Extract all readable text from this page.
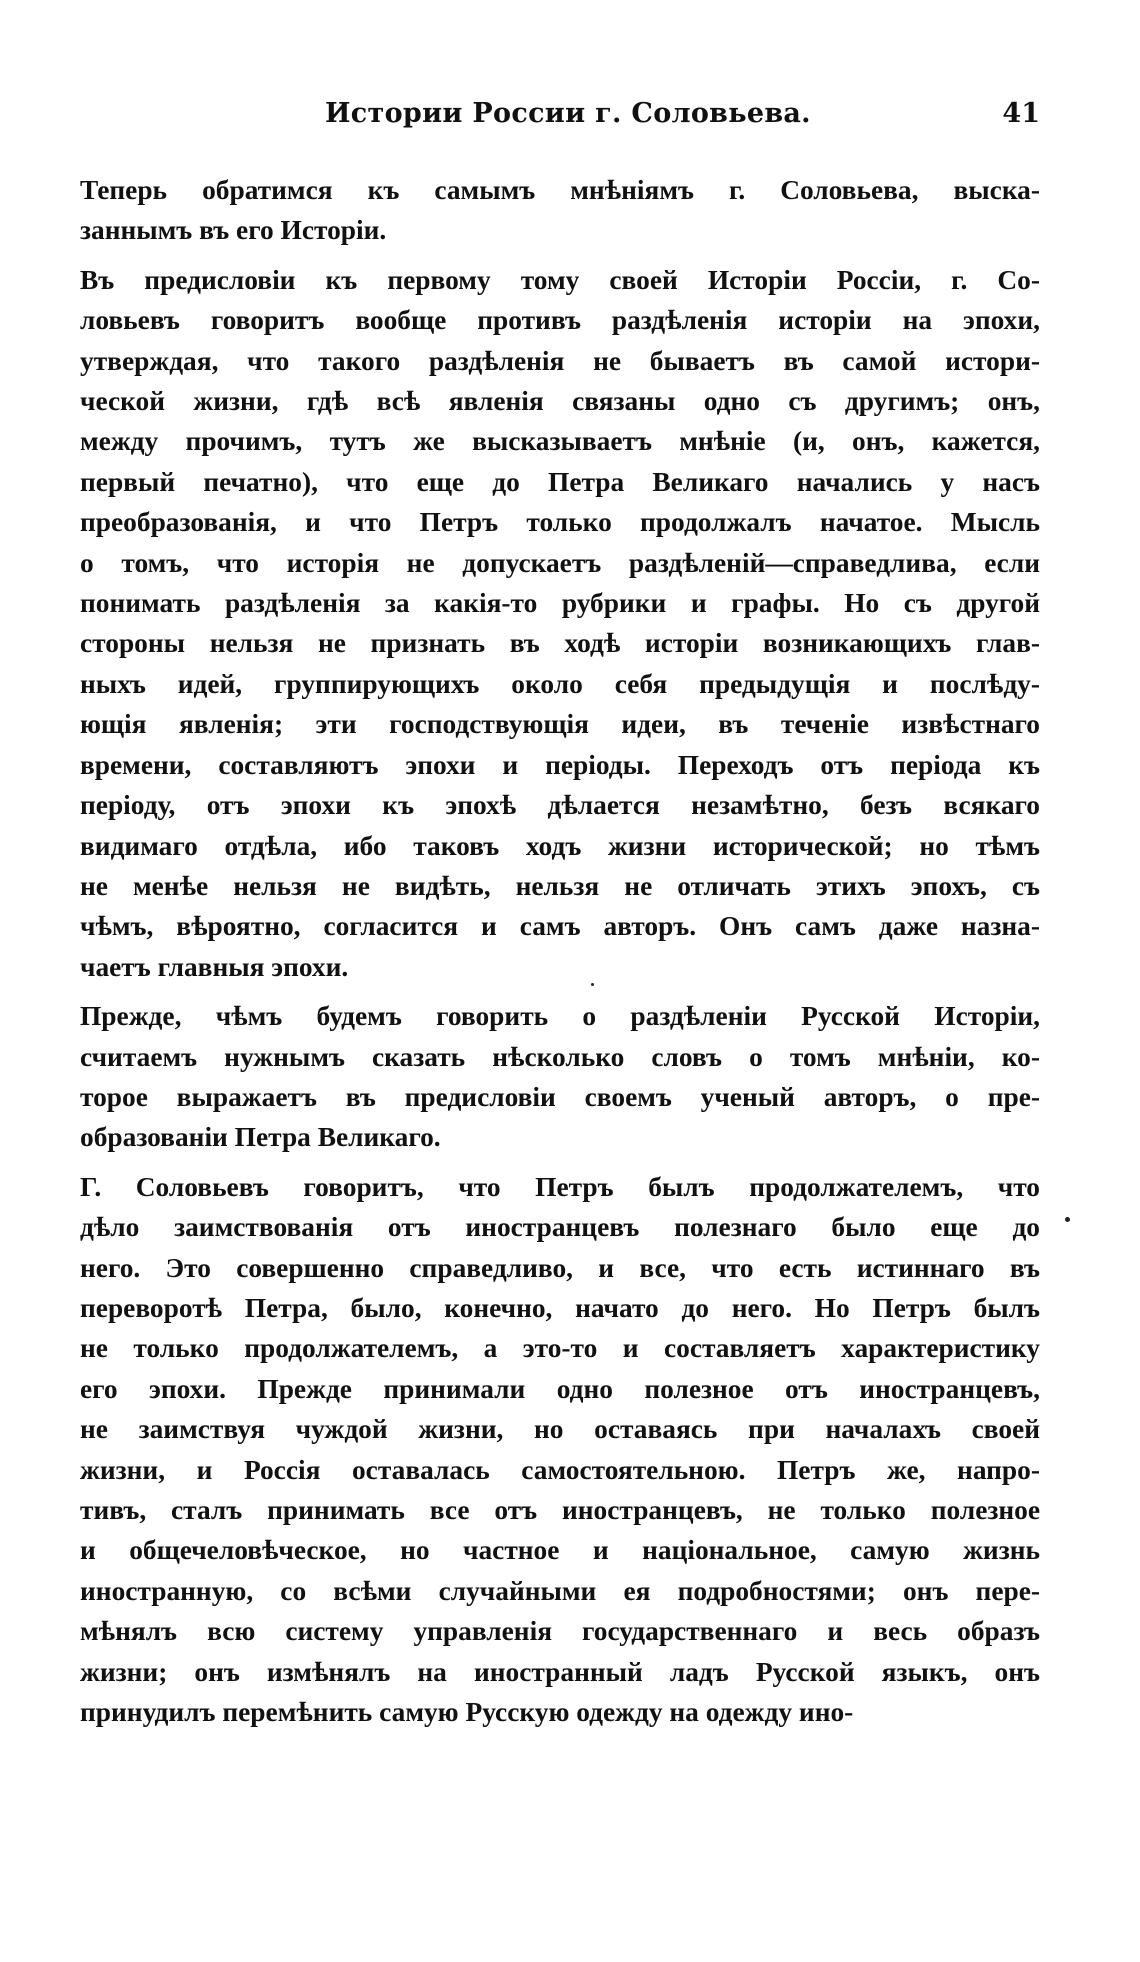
Истории России г. Соловьева.	41

Теперь обратимся къ самымъ мнѣніямъ г. Соловьева, выска-
заннымъ въ его Исторіи.

Въ предисловіи къ первому тому своей Исторіи Россіи, г. Со-
ловьевъ говоритъ вообще противъ раздѣленія исторіи на эпохи,
утверждая, что такого раздѣленія не бываетъ въ самой истори-
ческой жизни, гдѣ всѣ явленія связаны одно съ другимъ; онъ,
между прочимъ, тутъ же высказываетъ мнѣніе (и, онъ, кажется,
первый печатно), что еще до Петра Великаго начались у насъ
преобразованія, и что Петръ только продолжалъ начатое. Мысль
о томъ, что исторія не допускаетъ раздѣленій—справедлива, если
понимать раздѣленія за какія-то рубрики и графы. Но съ другой
стороны нельзя не признать въ ходѣ исторіи возникающихъ глав-
ныхъ идей, группирующихъ около себя предыдущія и послѣду-
ющія явленія; эти господствующія идеи, въ теченіе извѣстнаго
времени, составляютъ эпохи и періоды. Переходъ отъ періода къ
періоду, отъ эпохи къ эпохѣ дѣлается незамѣтно, безъ всякаго
видимаго отдѣла, ибо таковъ ходъ жизни исторической; но тѣмъ
не менѣе нельзя не видѣть, нельзя не отличать этихъ эпохъ, съ
чѣмъ, вѣроятно, согласится и самъ авторъ. Онъ самъ даже назна-
чаетъ главныя эпохи.

Прежде, чѣмъ будемъ говорить о раздѣленіи Русской Исторіи,
считаемъ нужнымъ сказать нѣсколько словъ о томъ мнѣніи, ко-
торое выражаетъ въ предисловіи своемъ ученый авторъ, о пре-
образованіи Петра Великаго.

Г. Соловьевъ говоритъ, что Петръ былъ продолжателемъ, что
дѣло заимствованія отъ иностранцевъ полезнаго было еще до
него. Это совершенно справедливо, и все, что есть истиннаго въ
переворотѣ Петра, было, конечно, начато до него. Но Петръ былъ
не только продолжателемъ, а это-то и составляетъ характеристику
его эпохи. Прежде принимали одно полезное отъ иностранцевъ,
не заимствуя чуждой жизни, но оставаясь при началахъ своей
жизни, и Россія оставалась самостоятельною. Петръ же, напро-
тивъ, сталъ принимать все отъ иностранцевъ, не только полезное
и общечеловѣческое, но частное и національное, самую жизнь
иностранную, со всѣми случайными ея подробностями; онъ пере-
мѣнялъ всю систему управленія государственнаго и весь образъ
жизни; онъ измѣнялъ на иностранный ладъ Русской языкъ, онъ
принудилъ перемѣнить самую Русскую одежду на одежду ино-
